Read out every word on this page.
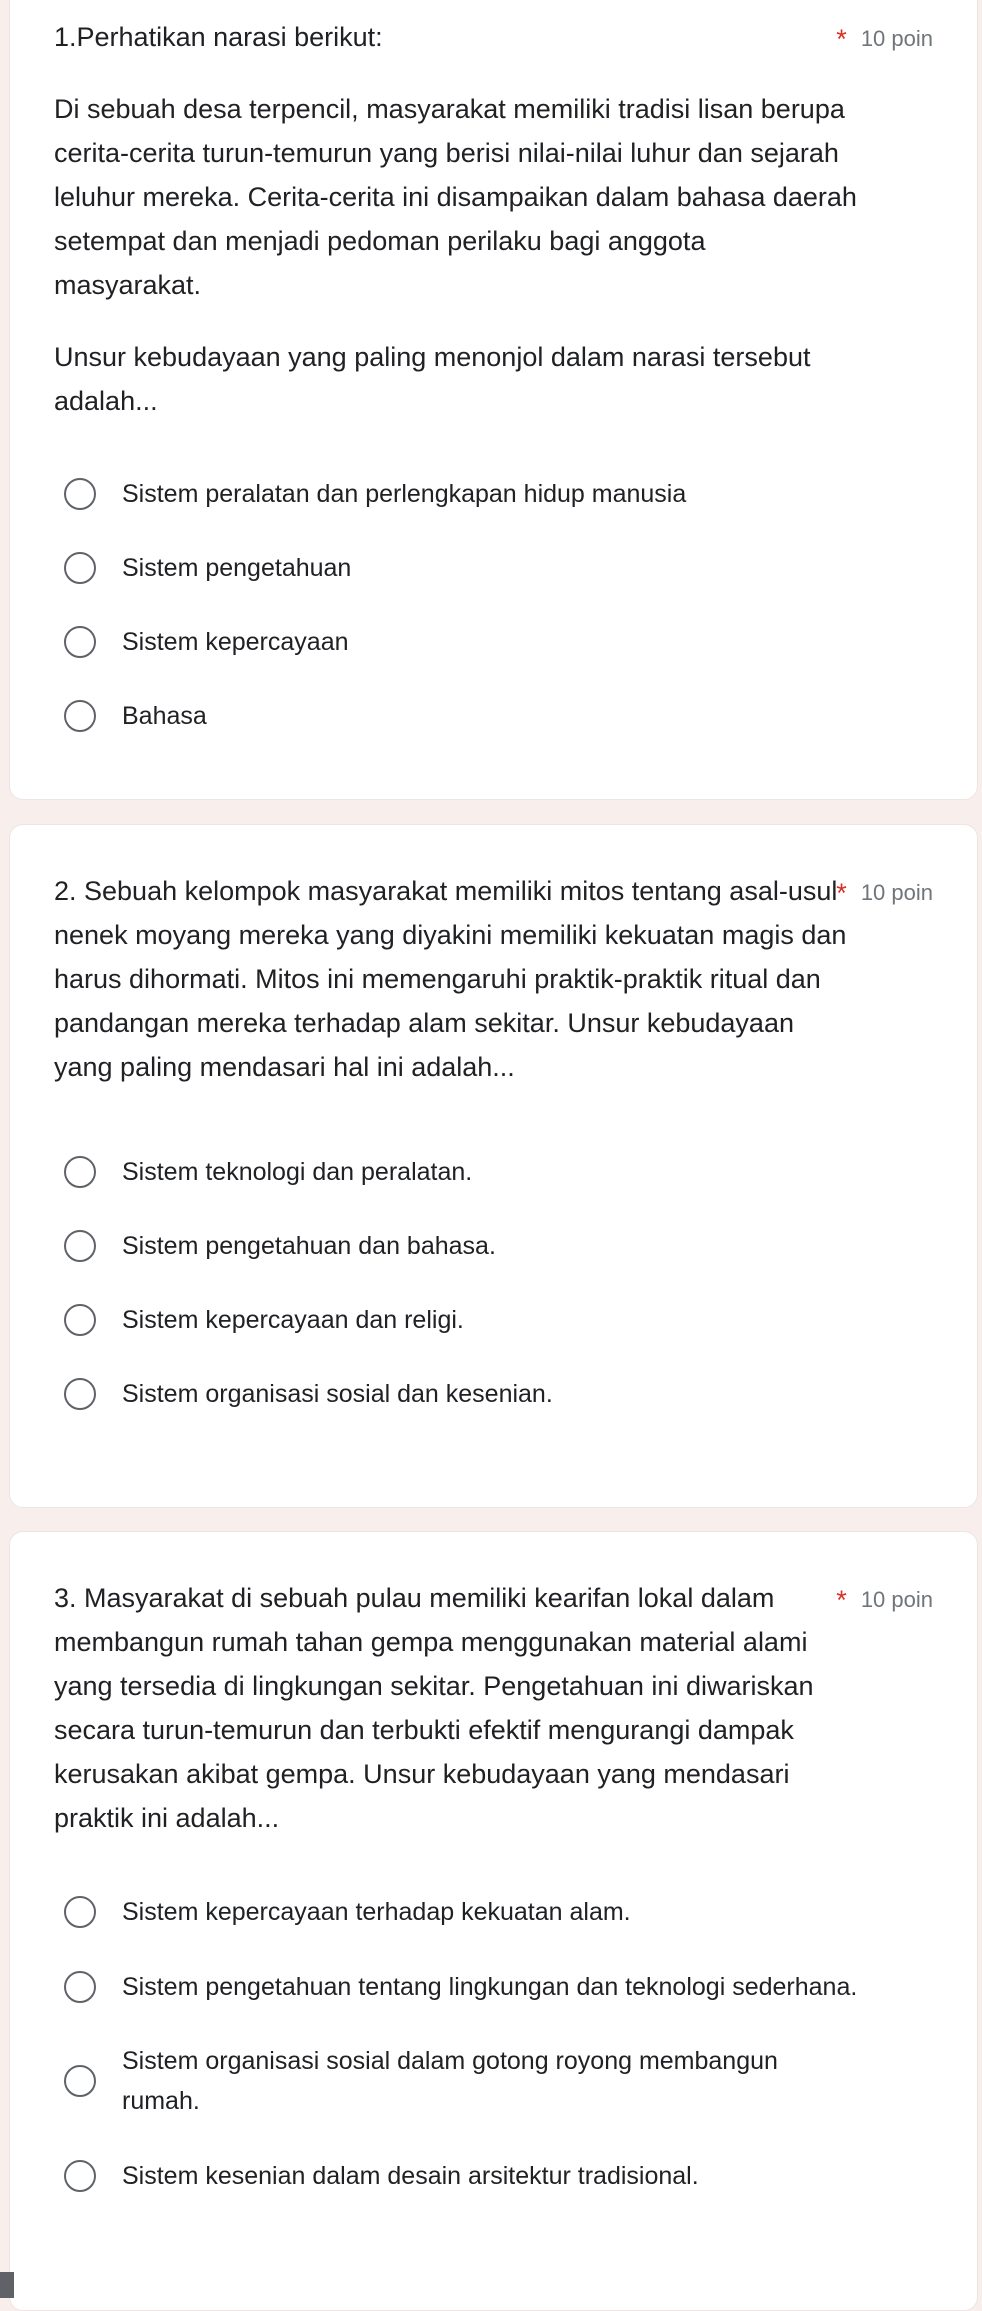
1.Perhatikan narasi berikut:	* $^{10 poin}$

Di sebuah desa terpencil, masyarakat memiliki tradisi lisan berupa cerita-cerita turun-temurun yang berisi nilai-nilai luhur dan sejarah leluhur mereka. Cerita-cerita ini disampaikan dalam bahasa daerah setempat dan menjadi pedoman perilaku bagi anggota masyarakat.

Unsur kebudayaan yang paling menonjol dalam narasi tersebut adalah...

Sistem peralatan dan perlengkapan hidup manusia
Sistem pengetahuan
Sistem kepercayaan
Bahasa
2. Sebuah kelompok masyarakat memiliki mitos tentang asal-usul nenek moyang mereka yang diyakini memiliki kekuatan magis dan harus dihormati. Mitos ini memengaruhi praktik-praktik ritual dan pandangan mereka terhadap alam sekitar. Unsur kebudayaan yang paling mendasari hal ini adalah...
* $^{10 poin}$
Sistem teknologi dan peralatan.
Sistem pengetahuan dan bahasa.
Sistem kepercayaan dan religi.
Sistem organisasi sosial dan kesenian.
3. Masyarakat di sebuah pulau memiliki kearifan lokal dalam membangun rumah tahan gempa menggunakan material alami yang tersedia di lingkungan sekitar. Pengetahuan ini diwariskan secara turun-temurun dan terbukti efektif mengurangi dampak kerusakan akibat gempa. Unsur kebudayaan yang mendasari praktik ini adalah...
* $^{10 poin}$
Sistem kepercayaan terhadap kekuatan alam.
Sistem pengetahuan tentang lingkungan dan teknologi sederhana.
Sistem organisasi sosial dalam gotong royong membangun rumah.
Sistem kesenian dalam desain arsitektur tradisional.
